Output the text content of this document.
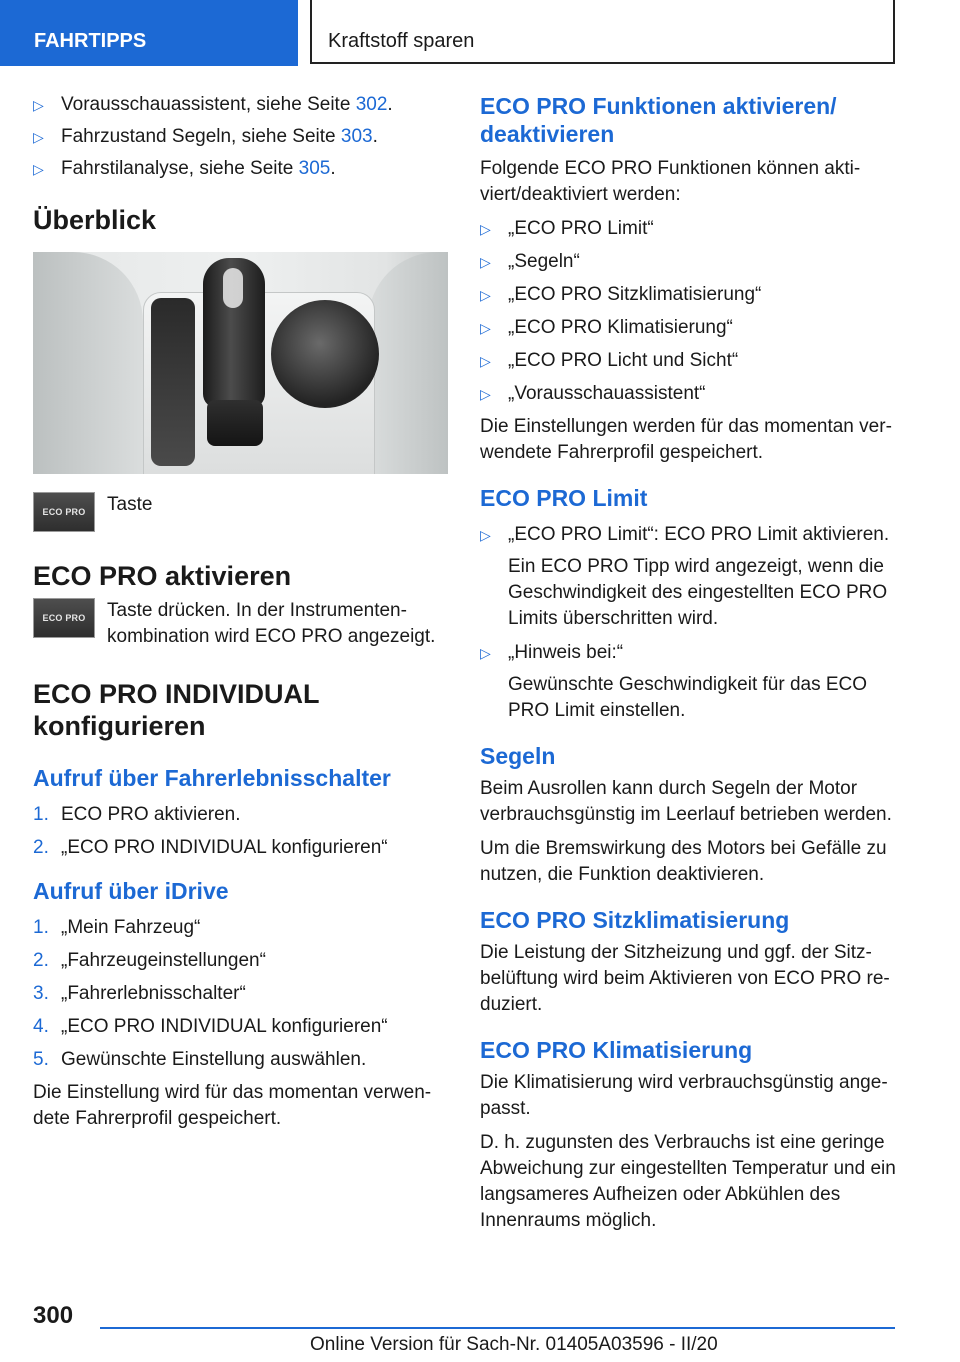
FAHRTIPPS	Kraftstoff sparen
▷ Vorausschauassistent, siehe Seite 302.
▷ Fahrzustand Segeln, siehe Seite 303.
▷ Fahrstilanalyse, siehe Seite 305.
Überblick
ECO PRO	Taste
ECO PRO aktivieren
ECO PRO	Taste drücken. In der Instrumentenkombination wird ECO PRO angezeigt.
ECO PRO INDIVIDUAL konfigurieren
Aufruf über Fahrerlebnisschalter
1. ECO PRO aktivieren.
2. „ECO PRO INDIVIDUAL konfigurieren“
Aufruf über iDrive
1. „Mein Fahrzeug“
2. „Fahrzeugeinstellungen“
3. „Fahrerlebnisschalter“
4. „ECO PRO INDIVIDUAL konfigurieren“
5. Gewünschte Einstellung auswählen.

Die Einstellung wird für das momentan verwendete Fahrerprofil gespeichert.

ECO PRO Funktionen aktivieren/ deaktivieren

Folgende ECO PRO Funktionen können aktiviert/deaktiviert werden:

▷ „ECO PRO Limit“
▷ „Segeln“
▷ „ECO PRO Sitzklimatisierung“
▷ „ECO PRO Klimatisierung“
▷ „ECO PRO Licht und Sicht“
▷ „Vorausschauassistent“

Die Einstellungen werden für das momentan verwendete Fahrerprofil gespeichert.

ECO PRO Limit
▷ „ECO PRO Limit“: ECO PRO Limit aktivieren.
Ein ECO PRO Tipp wird angezeigt, wenn die Geschwindigkeit des eingestellten ECO PRO Limits überschritten wird.
▷ „Hinweis bei:“
Gewünschte Geschwindigkeit für das ECO PRO Limit einstellen.
Segeln

Beim Ausrollen kann durch Segeln der Motor verbrauchsgünstig im Leerlauf betrieben werden.

Um die Bremswirkung des Motors bei Gefälle zu nutzen, die Funktion deaktivieren.

ECO PRO Sitzklimatisierung

Die Leistung der Sitzheizung und ggf. der Sitzbelüftung wird beim Aktivieren von ECO PRO reduziert.

ECO PRO Klimatisierung

Die Klimatisierung wird verbrauchsgünstig angepasst.

D. h. zugunsten des Verbrauchs ist eine geringe Abweichung zur eingestellten Temperatur und ein langsameres Aufheizen oder Abkühlen des Innenraums möglich.

300
Online Version für Sach-Nr. 01405A03596 - II/20
